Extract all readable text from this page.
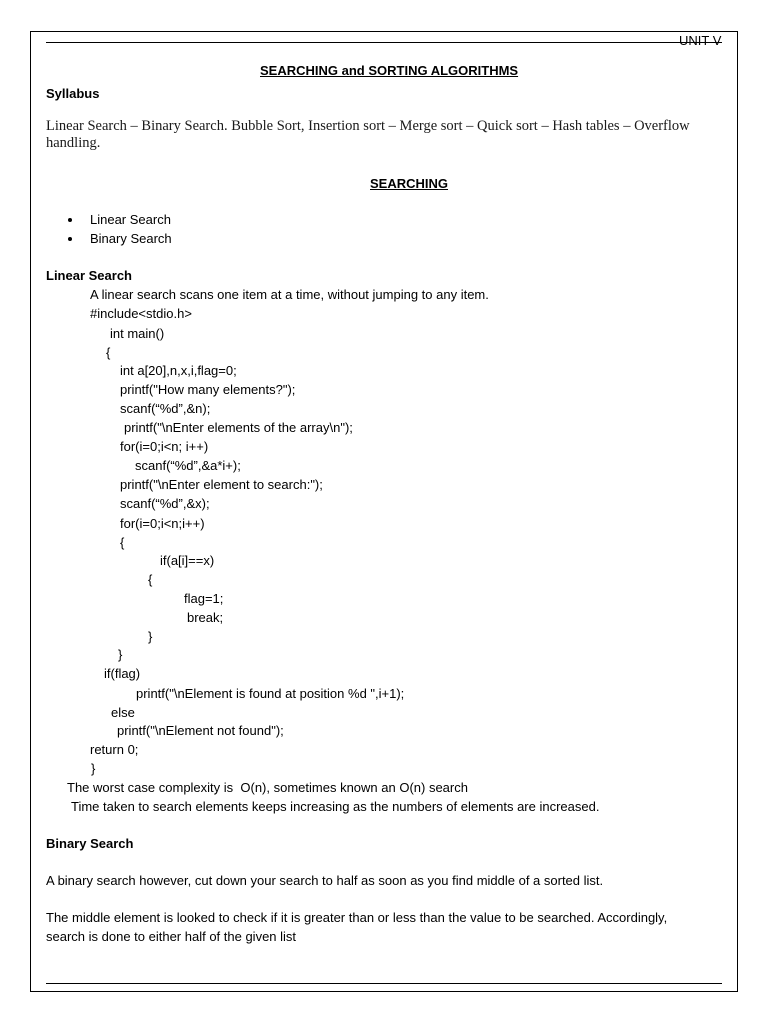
UNIT V
SEARCHING and SORTING ALGORITHMS
Syllabus
Linear Search – Binary Search. Bubble Sort, Insertion sort – Merge sort – Quick sort – Hash tables – Overflow
handling.
SEARCHING
Linear Search
Binary Search
Linear Search
A linear search scans one item at a time, without jumping to any item.
#include<stdio.h>
int main()
{
int a[20],n,x,i,flag=0;
printf("How many elements?");
scanf(“%d”,&n);
printf("\nEnter elements of the array\n");
for(i=0;i<n; i++)
scanf(“%d”,&a*i+);
printf("\nEnter element to search:");
scanf(“%d”,&x);
for(i=0;i<n;i++)
{
if(a[i]==x)
{
flag=1;
break;
}
}
if(flag)
printf("\nElement is found at position %d ",i+1);
else
printf("\nElement not found");
return 0;
}
The worst case complexity is  O(n), sometimes known an O(n) search
Time taken to search elements keeps increasing as the numbers of elements are increased.
Binary Search
A binary search however, cut down your search to half as soon as you find middle of a sorted list.
The middle element is looked to check if it is greater than or less than the value to be searched. Accordingly,
search is done to either half of the given list
